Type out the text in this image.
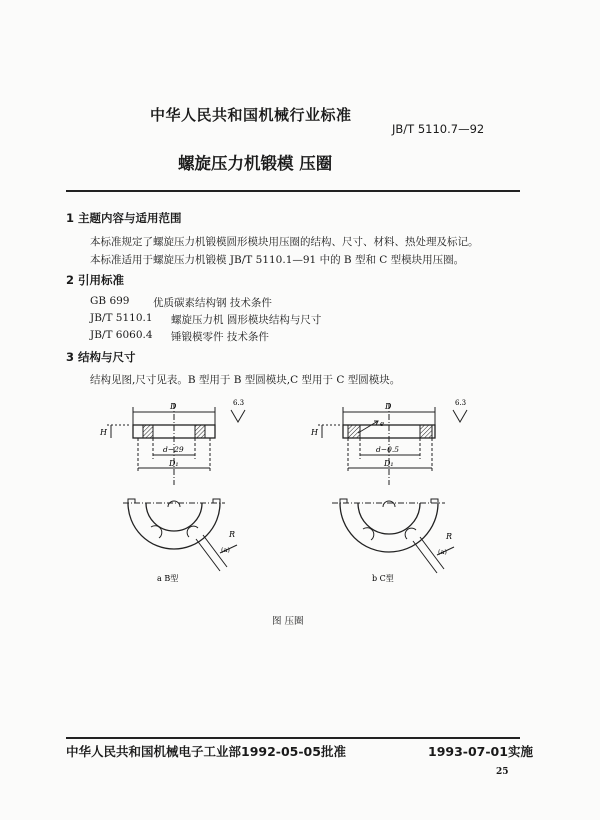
中华人民共和国机械行业标准
JB/T 5110.7—92
螺旋压力机锻模 压圈
1 主题内容与适用范围
本标准规定了螺旋压力机锻模圆形模块用压圈的结构、尺寸、材料、热处理及标记。
本标准适用于螺旋压力机锻模 JB/T 5110.1—91 中的 B 型和 C 型模块用压圈。
2 引用标准
GB 699 优质碳素结构钢 技术条件
JB/T 5110.1 螺旋压力机 圆形模块结构与尺寸
JB/T 6060.4 锤锻模零件 技术条件
3 结构与尺寸
结构见图,尺寸见表。B 型用于 B 型圆模块,C 型用于 C 型圆模块。
D
d−29
D₁
H
6.3
R
(a)
a B型
D
e
d−0.5
D₁
H
6.3
R
(a)
b C型
图 压圈
中华人民共和国机械电子工业部1992-05-05批准	1993-07-01实施
25
